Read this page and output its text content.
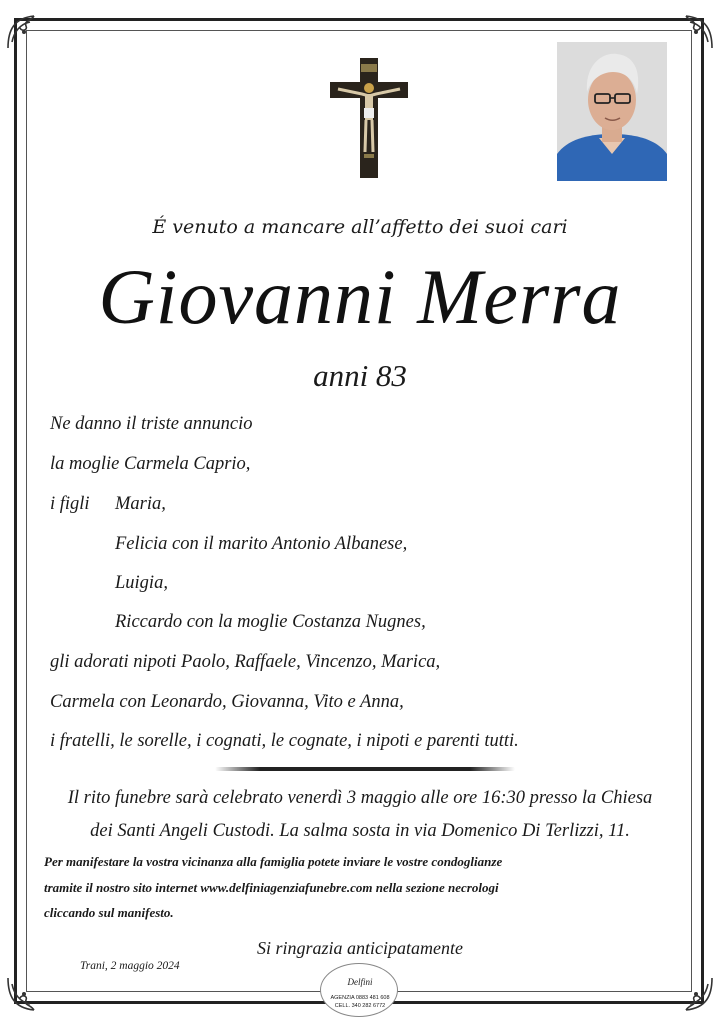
É venuto a mancare all’affetto dei suoi cari
Giovanni Merra
anni 83
Ne danno il triste annuncio
la moglie Carmela Caprio,
i figli Maria,
Felicia con il marito Antonio Albanese,
Luigia,
Riccardo con la moglie Costanza Nugnes,
gli adorati nipoti Paolo, Raffaele, Vincenzo, Marica,
Carmela con Leonardo, Giovanna, Vito e Anna,
i fratelli, le sorelle, i cognati, le cognate, i nipoti e parenti tutti.
Il rito funebre sarà celebrato venerdì 3 maggio alle ore 16:30 presso la Chiesa
dei Santi Angeli Custodi. La salma sosta in via Domenico Di Terlizzi, 11.
Per manifestare la vostra vicinanza alla famiglia potete inviare le vostre condoglianze
tramite il nostro sito internet www.delfiniagenziafunebre.com nella sezione necrologi
cliccando sul manifesto.
Si ringrazia anticipatamente
Trani, 2 maggio 2024
Delfini
AGENZIA 0883 481 608
CELL. 340 282 6772
